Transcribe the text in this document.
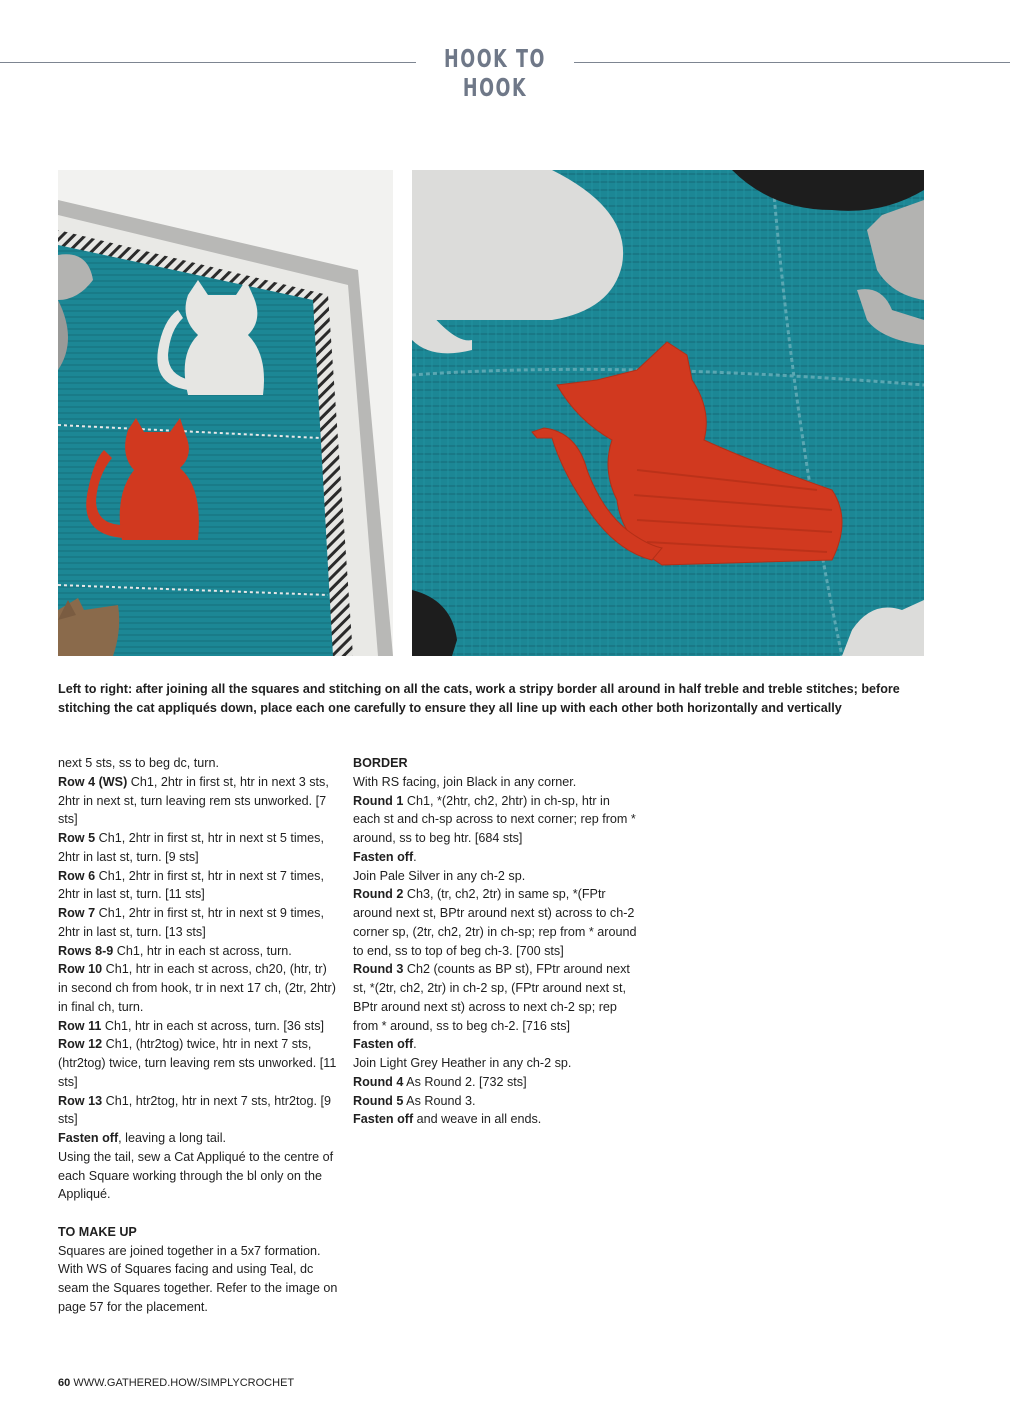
HOOK TO HOOK
Left to right: after joining all the squares and stitching on all the cats, work a stripy border all around in half treble and treble stitches; before stitching the cat appliqués down, place each one carefully to ensure they all line up with each other both horizontally and vertically

next 5 sts, ss to beg dc, turn.

Row 4 (WS) Ch1, 2htr in first st, htr in next 3 sts, 2htr in next st, turn leaving rem sts unworked. [7 sts]

Row 5 Ch1, 2htr in first st, htr in next st 5 times, 2htr in last st, turn. [9 sts]

Row 6 Ch1, 2htr in first st, htr in next st 7 times, 2htr in last st, turn. [11 sts]

Row 7 Ch1, 2htr in first st, htr in next st 9 times, 2htr in last st, turn. [13 sts]

Rows 8-9 Ch1, htr in each st across, turn.

Row 10 Ch1, htr in each st across, ch20, (htr, tr) in second ch from hook, tr in next 17 ch, (2tr, 2htr) in final ch, turn.

Row 11 Ch1, htr in each st across, turn. [36 sts]

Row 12 Ch1, (htr2tog) twice, htr in next 7 sts, (htr2tog) twice, turn leaving rem sts unworked. [11 sts]

Row 13 Ch1, htr2tog, htr in next 7 sts, htr2tog. [9 sts]

Fasten off, leaving a long tail.

Using the tail, sew a Cat Appliqué to the centre of each Square working through the bl only on the Appliqué.

TO MAKE UP

Squares are joined together in a 5x7 formation. With WS of Squares facing and using Teal, dc seam the Squares together. Refer to the image on page 57 for the placement.

BORDER

With RS facing, join Black in any corner.

Round 1 Ch1, *(2htr, ch2, 2htr) in ch-sp, htr in each st and ch-sp across to next corner; rep from * around, ss to beg htr. [684 sts]

Fasten off.

Join Pale Silver in any ch-2 sp.

Round 2 Ch3, (tr, ch2, 2tr) in same sp, *(FPtr around next st, BPtr around next st) across to ch-2 corner sp, (2tr, ch2, 2tr) in ch-sp; rep from * around to end, ss to top of beg ch-3. [700 sts]

Round 3 Ch2 (counts as BP st), FPtr around next st, *(2tr, ch2, 2tr) in ch-2 sp, (FPtr around next st, BPtr around next st) across to next ch-2 sp; rep from * around, ss to beg ch-2. [716 sts]

Fasten off.

Join Light Grey Heather in any ch-2 sp.

Round 4 As Round 2. [732 sts]

Round 5 As Round 3.

Fasten off and weave in all ends.

60 WWW.GATHERED.HOW/SIMPLYCROCHET
